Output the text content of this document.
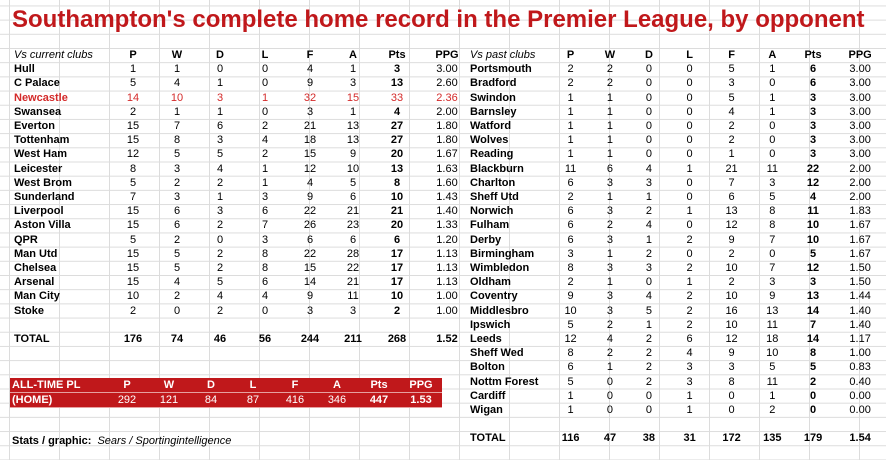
Southampton's complete home record in the Premier League, by opponent
Vs current clubs	P	W	D	L	F	A	Pts	PPG
Hull	1	1	0	0	4	1	3	3.00
C Palace	5	4	1	0	9	3	13	2.60
Newcastle	14	10	3	1	32	15	33	2.36
Swansea	2	1	1	0	3	1	4	2.00
Everton	15	7	6	2	21	13	27	1.80
Tottenham	15	8	3	4	18	13	27	1.80
West Ham	12	5	5	2	15	9	20	1.67
Leicester	8	3	4	1	12	10	13	1.63
West Brom	5	2	2	1	4	5	8	1.60
Sunderland	7	3	1	3	9	6	10	1.43
Liverpool	15	6	3	6	22	21	21	1.40
Aston Villa	15	6	2	7	26	23	20	1.33
QPR	5	2	0	3	6	6	6	1.20
Man Utd	15	5	2	8	22	28	17	1.13
Chelsea	15	5	2	8	15	22	17	1.13
Arsenal	15	4	5	6	14	21	17	1.13
Man City	10	2	4	4	9	11	10	1.00
Stoke	2	0	2	0	3	3	2	1.00

TOTAL	176	74	46	56	244	211	268	1.52
Vs past clubs	P	W	D	L	F	A	Pts	PPG
Portsmouth	2	2	0	0	5	1	6	3.00
Bradford	2	2	0	0	3	0	6	3.00
Swindon	1	1	0	0	5	1	3	3.00
Barnsley	1	1	0	0	4	1	3	3.00
Watford	1	1	0	0	2	0	3	3.00
Wolves	1	1	0	0	2	0	3	3.00
Reading	1	1	0	0	1	0	3	3.00
Blackburn	11	6	4	1	21	11	22	2.00
Charlton	6	3	3	0	7	3	12	2.00
Sheff Utd	2	1	1	0	6	5	4	2.00
Norwich	6	3	2	1	13	8	11	1.83
Fulham	6	2	4	0	12	8	10	1.67
Derby	6	3	1	2	9	7	10	1.67
Birmingham	3	1	2	0	2	0	5	1.67
Wimbledon	8	3	3	2	10	7	12	1.50
Oldham	2	1	0	1	2	3	3	1.50
Coventry	9	3	4	2	10	9	13	1.44
Middlesbro	10	3	5	2	16	13	14	1.40
Ipswich	5	2	1	2	10	11	7	1.40
Leeds	12	4	2	6	12	18	14	1.17
Sheff Wed	8	2	2	4	9	10	8	1.00
Bolton	6	1	2	3	3	5	5	0.83
Nottm Forest	5	0	2	3	8	11	2	0.40
Cardiff	1	0	0	1	0	1	0	0.00
Wigan	1	0	0	1	0	2	0	0.00

TOTAL	116	47	38	31	172	135	179	1.54
ALL-TIME PL	P	W	D	L	F	A	Pts	PPG
(HOME)	292	121	84	87	416	346	447	1.53
Stats / graphic: Sears / Sportingintelligence
